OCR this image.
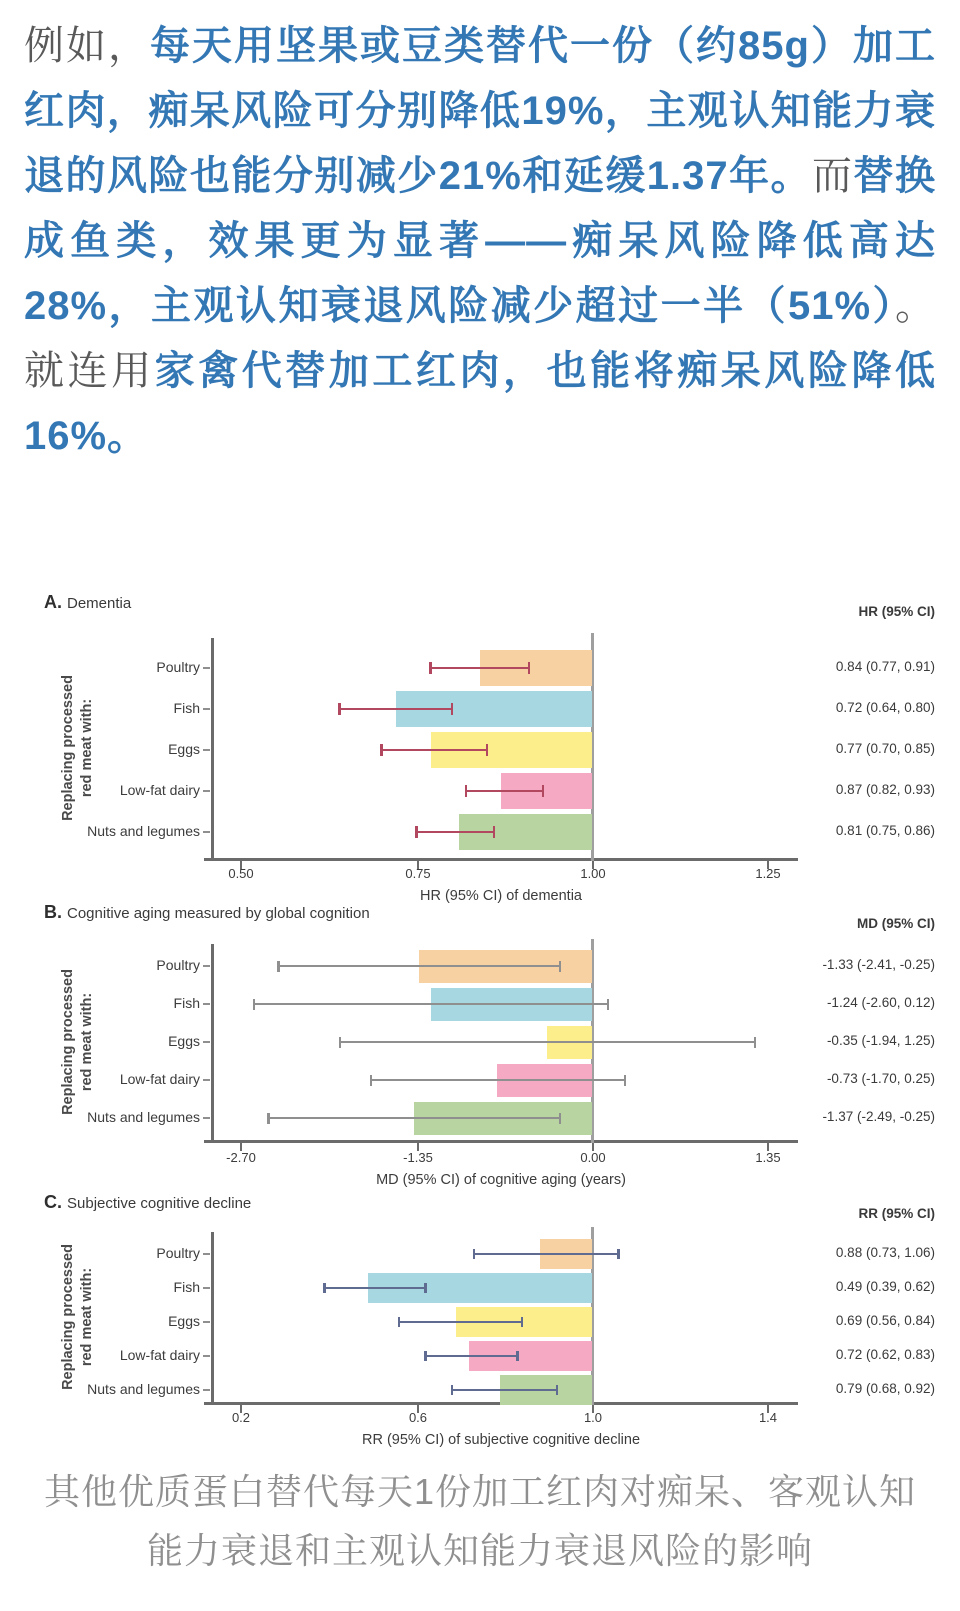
例如，每天用坚果或豆类替代一份（约85g）加工红肉，痴呆风险可分别降低19%，主观认知能力衰退的风险也能分别减少21%和延缓1.37年。而替换成鱼类，效果更为显著——痴呆风险降低高达28%，主观认知衰退风险减少超过一半（51%）。就连用家禽代替加工红肉，也能将痴呆风险降低16%。
A. Dementia	HR (95% CI)
Replacing processed red meat with:
0.50	0.75	1.00	1.25
HR (95% CI) of dementia
Poultry	0.84 (0.77, 0.91)
Fish	0.72 (0.64, 0.80)
Eggs	0.77 (0.70, 0.85)
Low-fat dairy	0.87 (0.82, 0.93)
Nuts and legumes	0.81 (0.75, 0.86)
B. Cognitive aging measured by global cognition
MD (95% CI)
Replacing processed red meat with:
-2.70	-1.35	0.00	1.35
MD (95% CI) of cognitive aging (years)
Poultry	-1.33 (-2.41, -0.25)
Fish	-1.24 (-2.60, 0.12)
Eggs	-0.35 (-1.94, 1.25)
Low-fat dairy	-0.73 (-1.70, 0.25)
Nuts and legumes	-1.37 (-2.49, -0.25)
C. Subjective cognitive decline
RR (95% CI)
Replacing processed red meat with:
0.2	0.6	1.0	1.4
RR (95% CI) of subjective cognitive decline
Poultry	0.88 (0.73, 1.06)
Fish	0.49 (0.39, 0.62)
Eggs	0.69 (0.56, 0.84)
Low-fat dairy	0.72 (0.62, 0.83)
Nuts and legumes	0.79 (0.68, 0.92)
其他优质蛋白替代每天1份加工红肉对痴呆、客观认知
能力衰退和主观认知能力衰退风险的影响
